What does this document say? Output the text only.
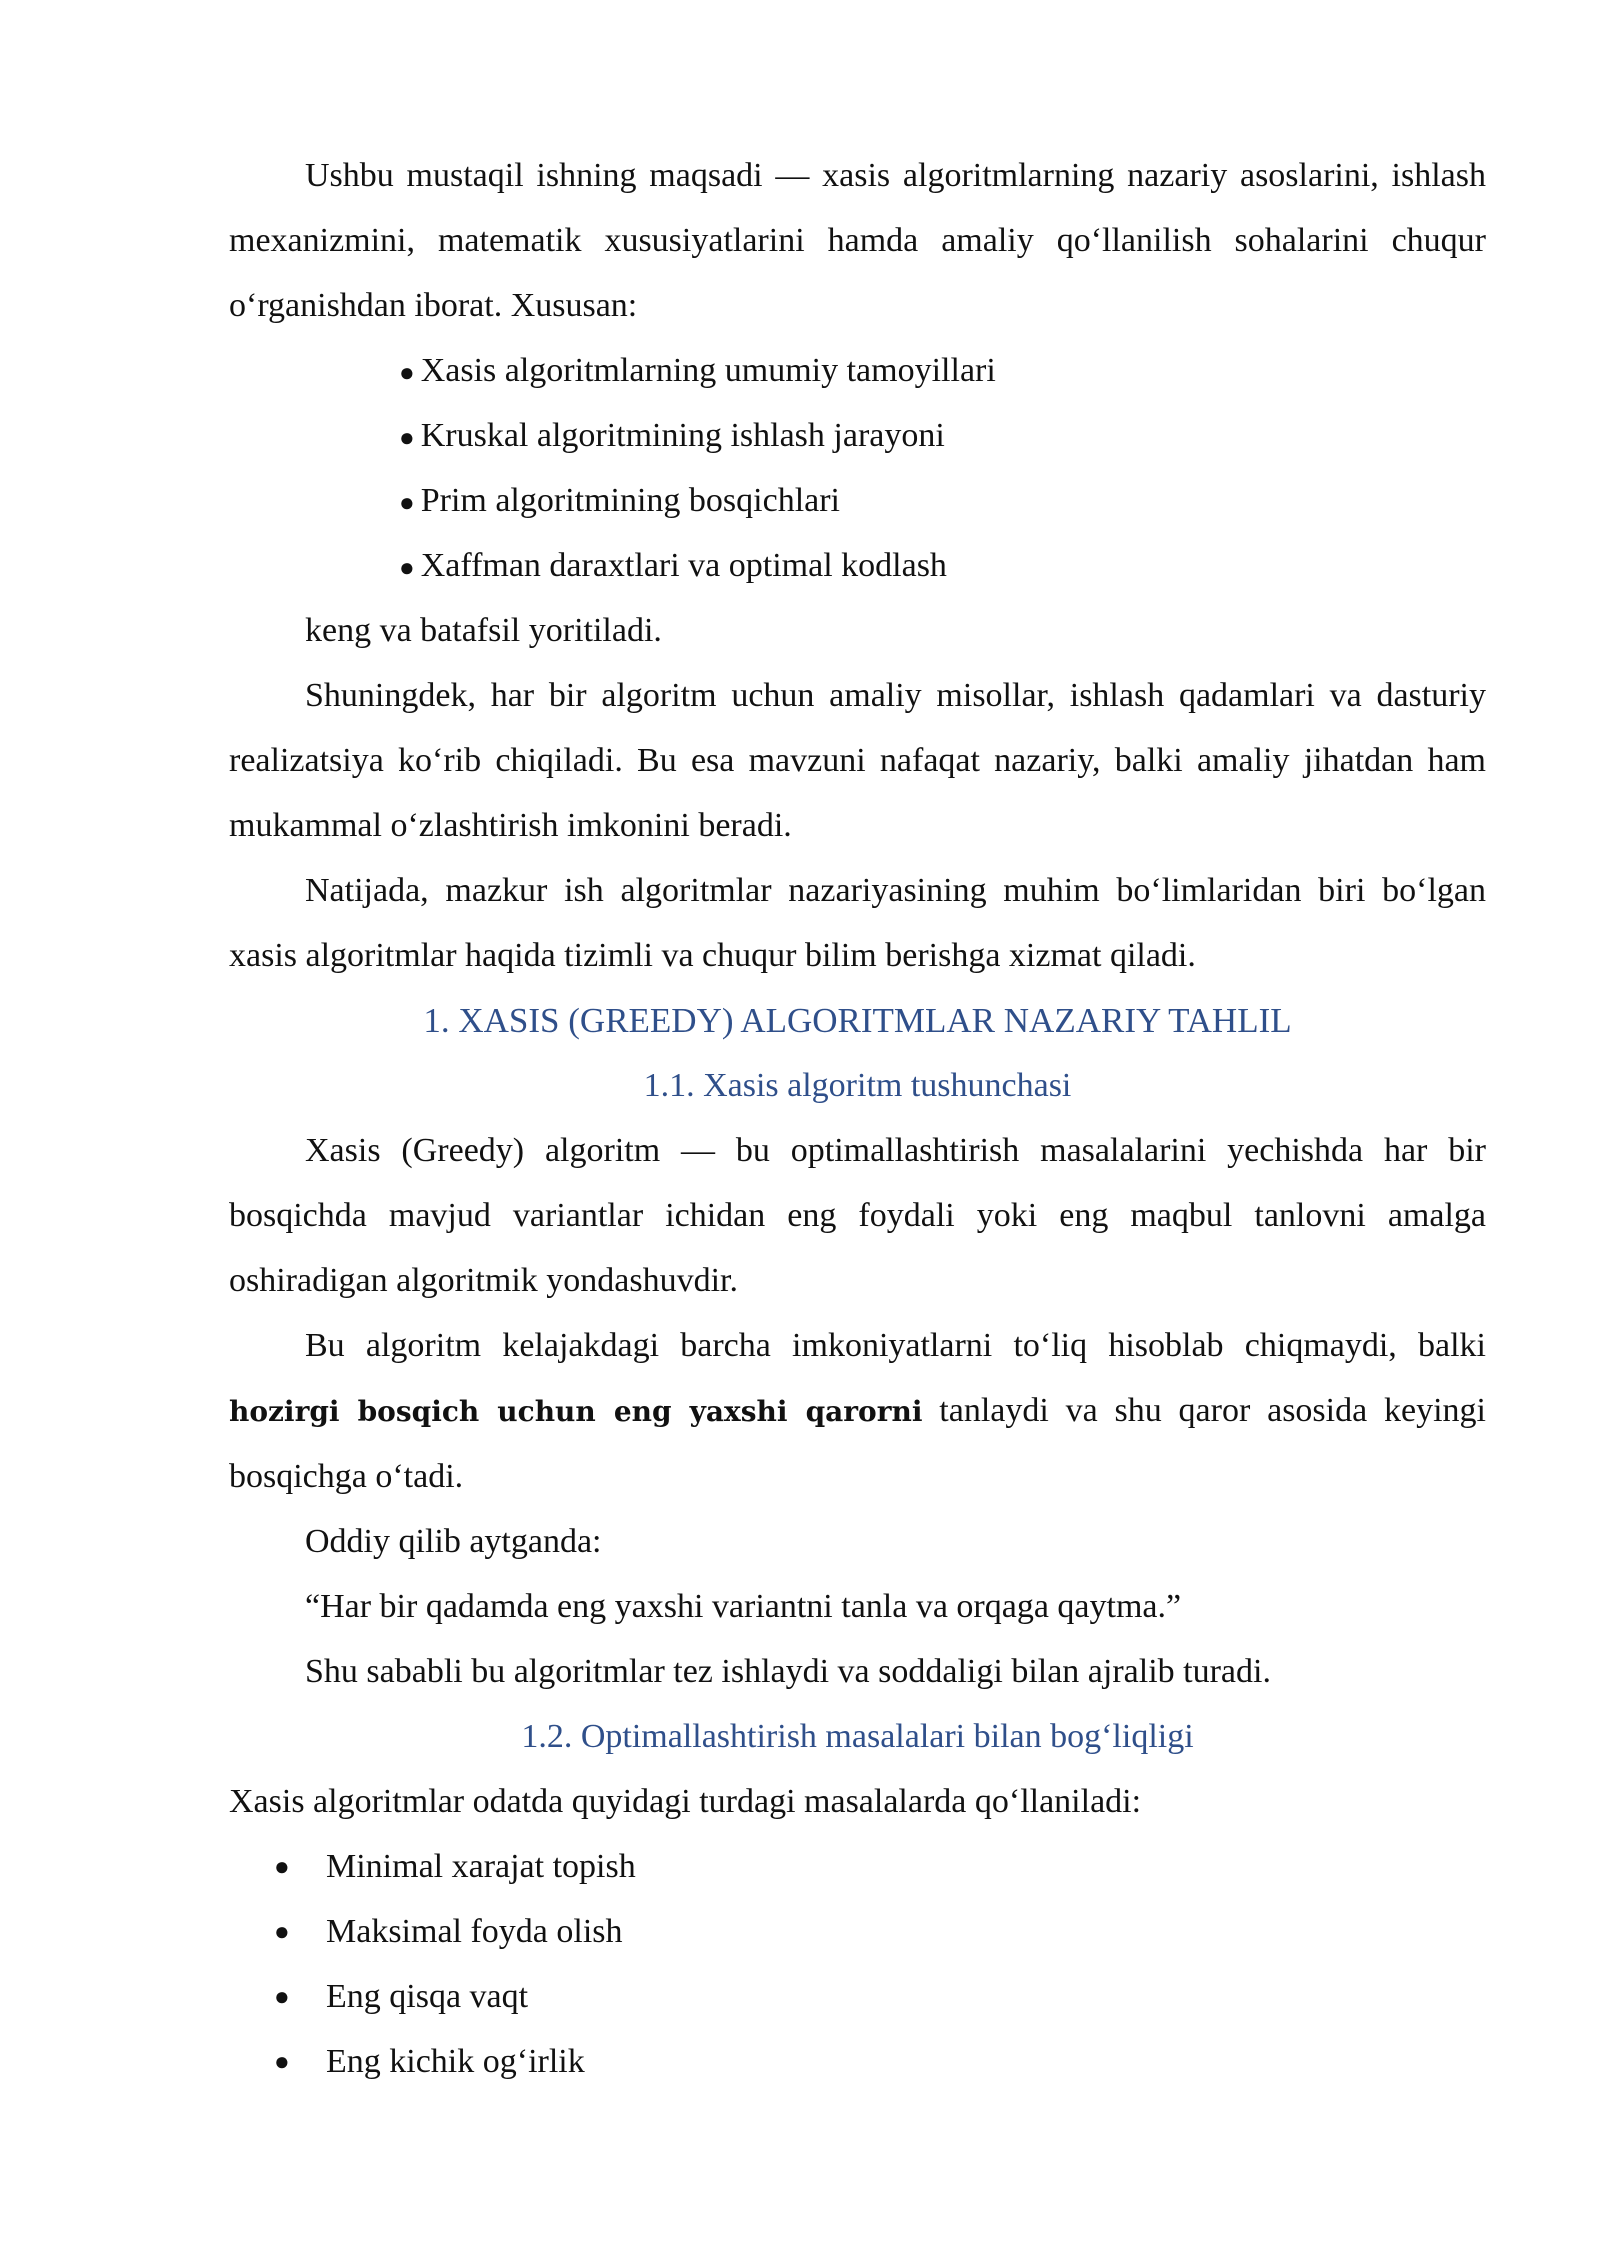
Ushbu mustaqil ishning maqsadi — xasis algoritmlarning nazariy asoslarini, ishlash mexanizmini, matematik xususiyatlarini hamda amaliy qo‘llanilish sohalarini chuqur o‘rganishdan iborat. Xususan:
● Xasis algoritmlarning umumiy tamoyillari
● Kruskal algoritmining ishlash jarayoni
● Prim algoritmining bosqichlari
● Xaffman daraxtlari va optimal kodlash
keng va batafsil yoritiladi.
Shuningdek, har bir algoritm uchun amaliy misollar, ishlash qadamlari va dasturiy realizatsiya ko‘rib chiqiladi. Bu esa mavzuni nafaqat nazariy, balki amaliy jihatdan ham mukammal o‘zlashtirish imkonini beradi.
Natijada, mazkur ish algoritmlar nazariyasining muhim bo‘limlaridan biri bo‘lgan xasis algoritmlar haqida tizimli va chuqur bilim berishga xizmat qiladi.
1. XASIS (GREEDY) ALGORITMLAR NAZARIY TAHLIL
1.1. Xasis algoritm tushunchasi
Xasis (Greedy) algoritm — bu optimallashtirish masalalarini yechishda har bir bosqichda mavjud variantlar ichidan eng foydali yoki eng maqbul tanlovni amalga oshiradigan algoritmik yondashuvdir.
Bu algoritm kelajakdagi barcha imkoniyatlarni to‘liq hisoblab chiqmaydi, balki hozirgi bosqich uchun eng yaxshi qarorni tanlaydi va shu qaror asosida keyingi bosqichga o‘tadi.
Oddiy qilib aytganda:
“Har bir qadamda eng yaxshi variantni tanla va orqaga qaytma.”
Shu sababli bu algoritmlar tez ishlaydi va soddaligi bilan ajralib turadi.
1.2. Optimallashtirish masalalari bilan bog‘liqligi
Xasis algoritmlar odatda quyidagi turdagi masalalarda qo‘llaniladi:
● Minimal xarajat topish
● Maksimal foyda olish
● Eng qisqa vaqt
● Eng kichik og‘irlik
